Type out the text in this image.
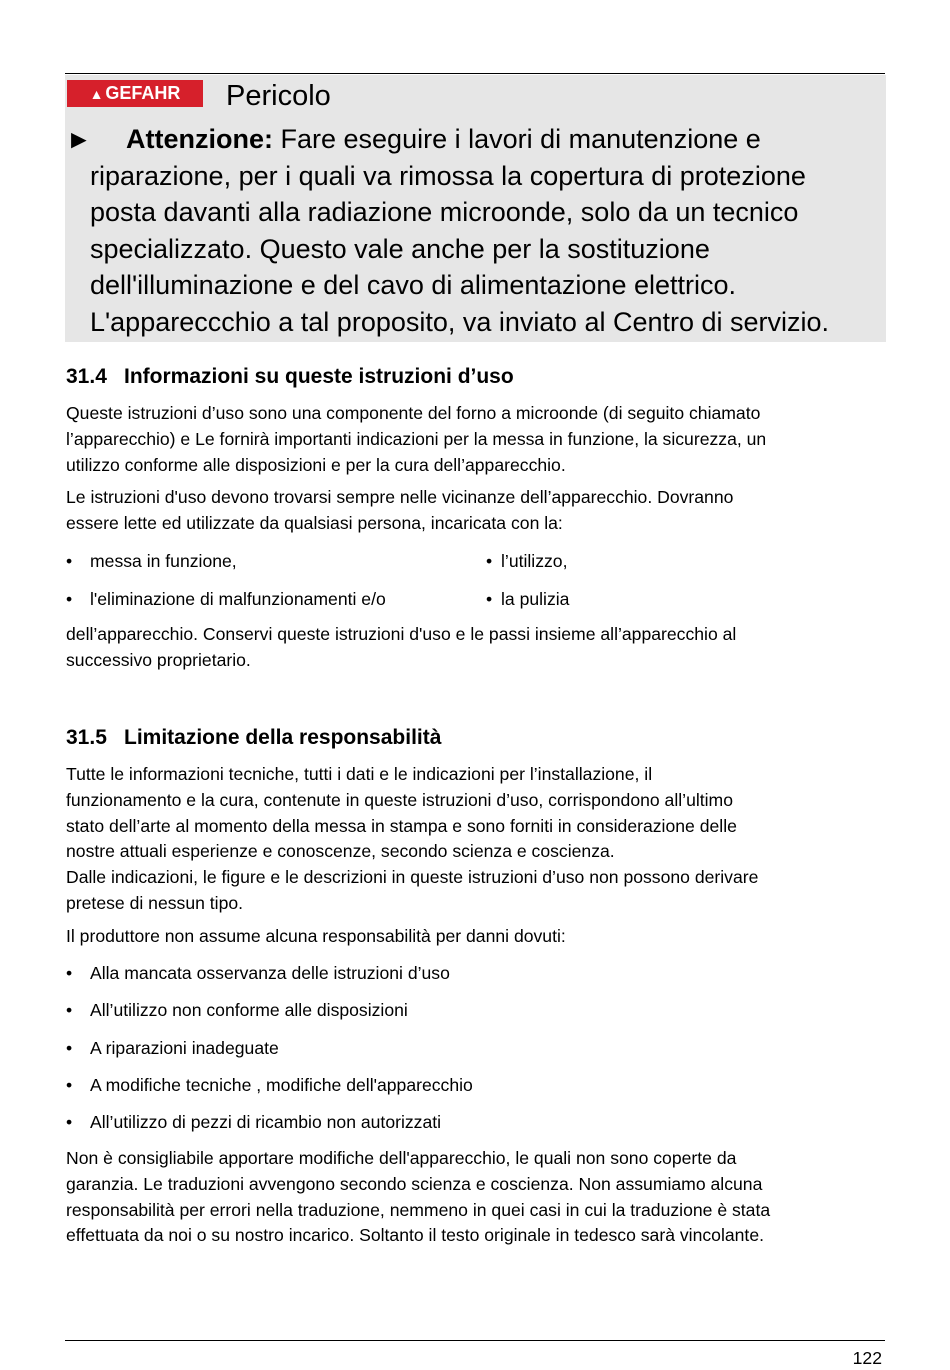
▲ GEFAHR Pericolo
►	Attenzione: Fare eseguire i lavori di manutenzione e
riparazione, per i quali va rimossa la copertura di protezione
posta davanti alla radiazione microonde, solo da un tecnico
specializzato. Questo vale anche per la sostituzione
dell'illuminazione e del cavo di alimentazione elettrico.
L'appareccchio a tal proposito, va inviato al Centro di servizio.
31.4 Informazioni su queste istruzioni d’uso
Queste istruzioni d’uso sono una componente del forno a microonde (di seguito chiamato
l’apparecchio) e Le fornirà importanti indicazioni per la messa in funzione, la sicurezza, un
utilizzo conforme alle disposizioni e per la cura dell’apparecchio.
Le istruzioni d'uso devono trovarsi sempre nelle vicinanze dell’apparecchio. Dovranno
essere lette ed utilizzate da qualsiasi persona, incaricata con la:
• messa in funzione,	• l’utilizzo,
• l'eliminazione di malfunzionamenti e/o	• la pulizia
dell’apparecchio. Conservi queste istruzioni d'uso e le passi insieme all’apparecchio al
successivo proprietario.
31.5 Limitazione della responsabilità
Tutte le informazioni tecniche, tutti i dati e le indicazioni per l’installazione, il
funzionamento e la cura, contenute in queste istruzioni d’uso, corrispondono all’ultimo
stato dell’arte al momento della messa in stampa e sono forniti in considerazione delle
nostre attuali esperienze e conoscenze, secondo scienza e coscienza.
Dalle indicazioni, le figure e le descrizioni in queste istruzioni d’uso non possono derivare
pretese di nessun tipo.
Il produttore non assume alcuna responsabilità per danni dovuti:
• Alla mancata osservanza delle istruzioni d’uso
• All’utilizzo non conforme alle disposizioni
• A riparazioni inadeguate
• A modifiche tecniche , modifiche dell'apparecchio
• All’utilizzo di pezzi di ricambio non autorizzati
Non è consigliabile apportare modifiche dell'apparecchio, le quali non sono coperte da
garanzia. Le traduzioni avvengono secondo scienza e coscienza. Non assumiamo alcuna
responsabilità per errori nella traduzione, nemmeno in quei casi in cui la traduzione è stata
effettuata da noi o su nostro incarico. Soltanto il testo originale in tedesco sarà vincolante.
122
